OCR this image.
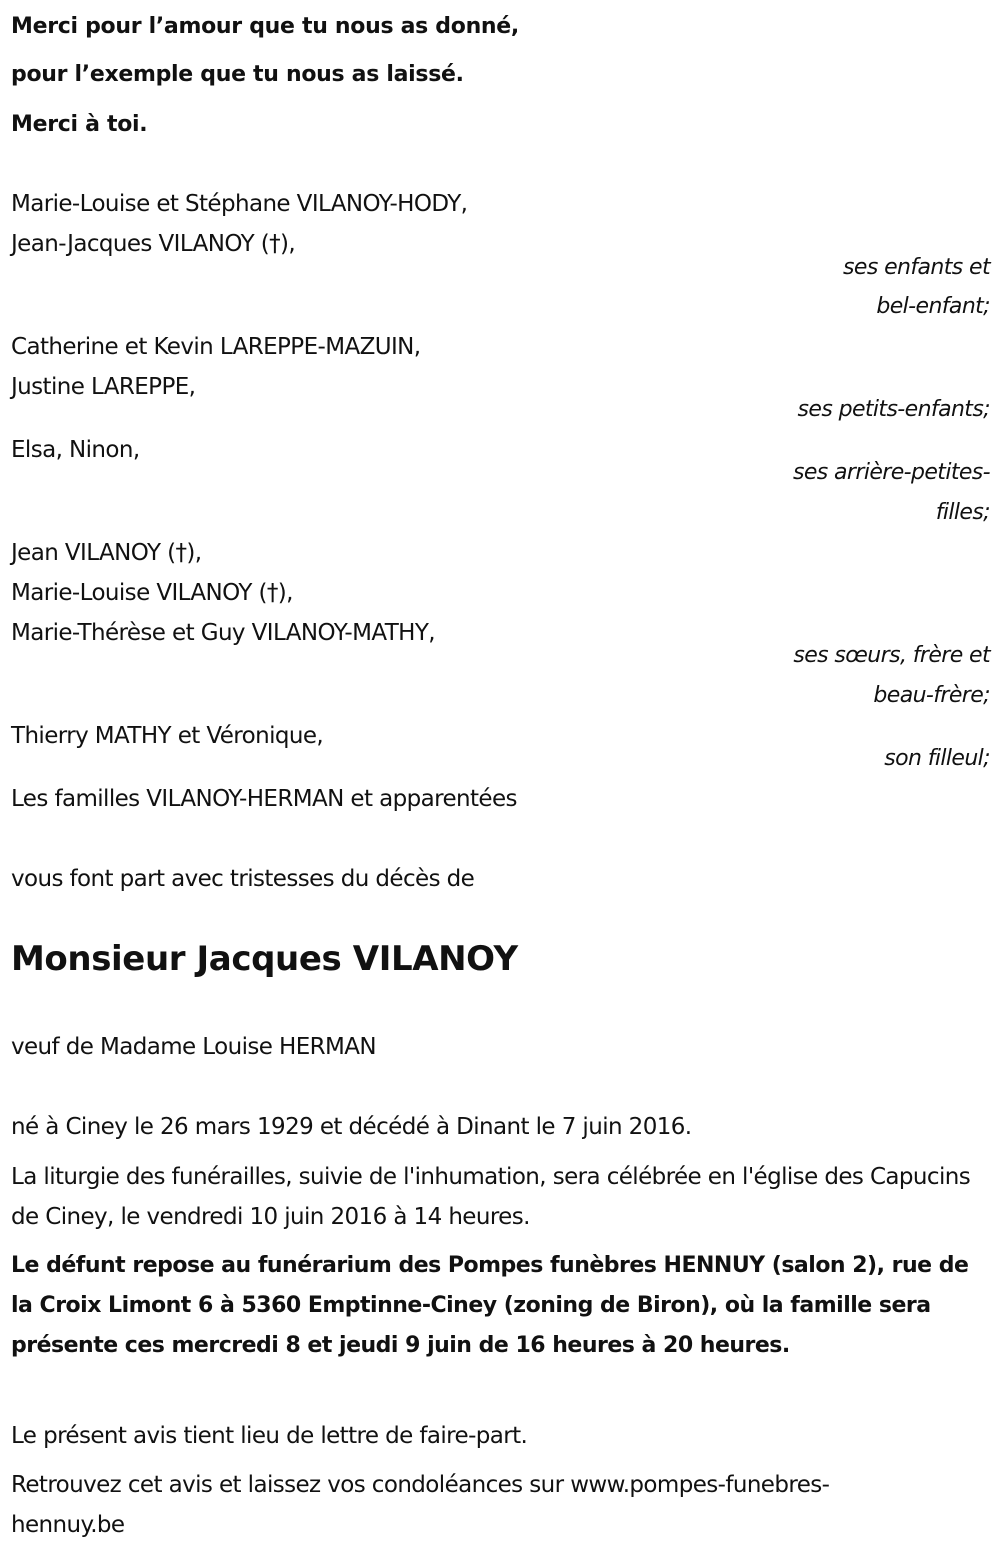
Merci pour l’amour que tu nous as donné,
pour l’exemple que tu nous as laissé.
Merci à toi.
Marie-Louise et Stéphane VILANOY-HODY,
Jean-Jacques VILANOY (†),
ses enfants et
bel-enfant;
Catherine et Kevin LAREPPE-MAZUIN,
Justine LAREPPE,
ses petits-enfants;
Elsa, Ninon,
ses arrière-petites-
filles;
Jean VILANOY (†),
Marie-Louise VILANOY (†),
Marie-Thérèse et Guy VILANOY-MATHY,
ses sœurs, frère et
beau-frère;
Thierry MATHY et Véronique,
son filleul;
Les familles VILANOY-HERMAN et apparentées
vous font part avec tristesses du décès de
Monsieur Jacques VILANOY
veuf de Madame Louise HERMAN
né à Ciney le 26 mars 1929 et décédé à Dinant le 7 juin 2016.
La liturgie des funérailles, suivie de l'inhumation, sera célébrée en l'église des Capucins de Ciney, le vendredi 10 juin 2016 à 14 heures.
Le défunt repose au funérarium des Pompes funèbres HENNUY (salon 2), rue de la Croix Limont 6 à 5360 Emptinne-Ciney (zoning de Biron), où la famille sera présente ces mercredi 8 et jeudi 9 juin de 16 heures à 20 heures.
Le présent avis tient lieu de lettre de faire-part.
Retrouvez cet avis et laissez vos condoléances sur www.pompes-funebres-hennuy.be
